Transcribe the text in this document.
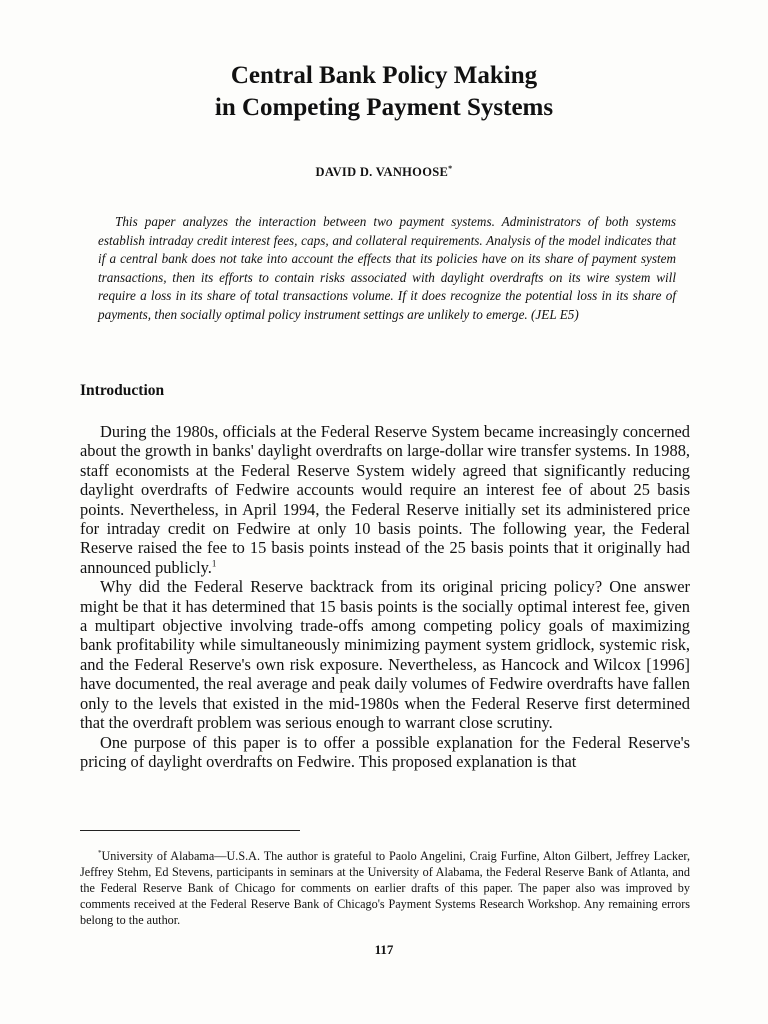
Central Bank Policy Making
in Competing Payment Systems
DAVID D. VANHOOSE*

This paper analyzes the interaction between two payment systems. Administrators of both systems establish intraday credit interest fees, caps, and collateral requirements. Analysis of the model indicates that if a central bank does not take into account the effects that its policies have on its share of payment system transactions, then its efforts to contain risks associated with daylight overdrafts on its wire system will require a loss in its share of total transactions volume. If it does recognize the potential loss in its share of payments, then socially optimal policy instrument settings are unlikely to emerge. (JEL E5)

Introduction

During the 1980s, officials at the Federal Reserve System became increasingly concerned about the growth in banks' daylight overdrafts on large-dollar wire transfer systems. In 1988, staff economists at the Federal Reserve System widely agreed that significantly reducing daylight overdrafts of Fedwire accounts would require an interest fee of about 25 basis points. Nevertheless, in April 1994, the Federal Reserve initially set its administered price for intraday credit on Fedwire at only 10 basis points. The following year, the Federal Reserve raised the fee to 15 basis points instead of the 25 basis points that it originally had announced publicly.$^1$

Why did the Federal Reserve backtrack from its original pricing policy? One answer might be that it has determined that 15 basis points is the socially optimal interest fee, given a multipart objective involving trade-offs among competing policy goals of maximizing bank profitability while simultaneously minimizing payment system gridlock, systemic risk, and the Federal Reserve's own risk exposure. Nevertheless, as Hancock and Wilcox [1996] have documented, the real average and peak daily volumes of Fedwire overdrafts have fallen only to the levels that existed in the mid-1980s when the Federal Reserve first determined that the overdraft problem was serious enough to warrant close scrutiny.

One purpose of this paper is to offer a possible explanation for the Federal Reserve's pricing of daylight overdrafts on Fedwire. This proposed explanation is that

*University of Alabama—U.S.A. The author is grateful to Paolo Angelini, Craig Furfine, Alton Gilbert, Jeffrey Lacker, Jeffrey Stehm, Ed Stevens, participants in seminars at the University of Alabama, the Federal Reserve Bank of Atlanta, and the Federal Reserve Bank of Chicago for comments on earlier drafts of this paper. The paper also was improved by comments received at the Federal Reserve Bank of Chicago's Payment Systems Research Workshop. Any remaining errors belong to the author.

117
